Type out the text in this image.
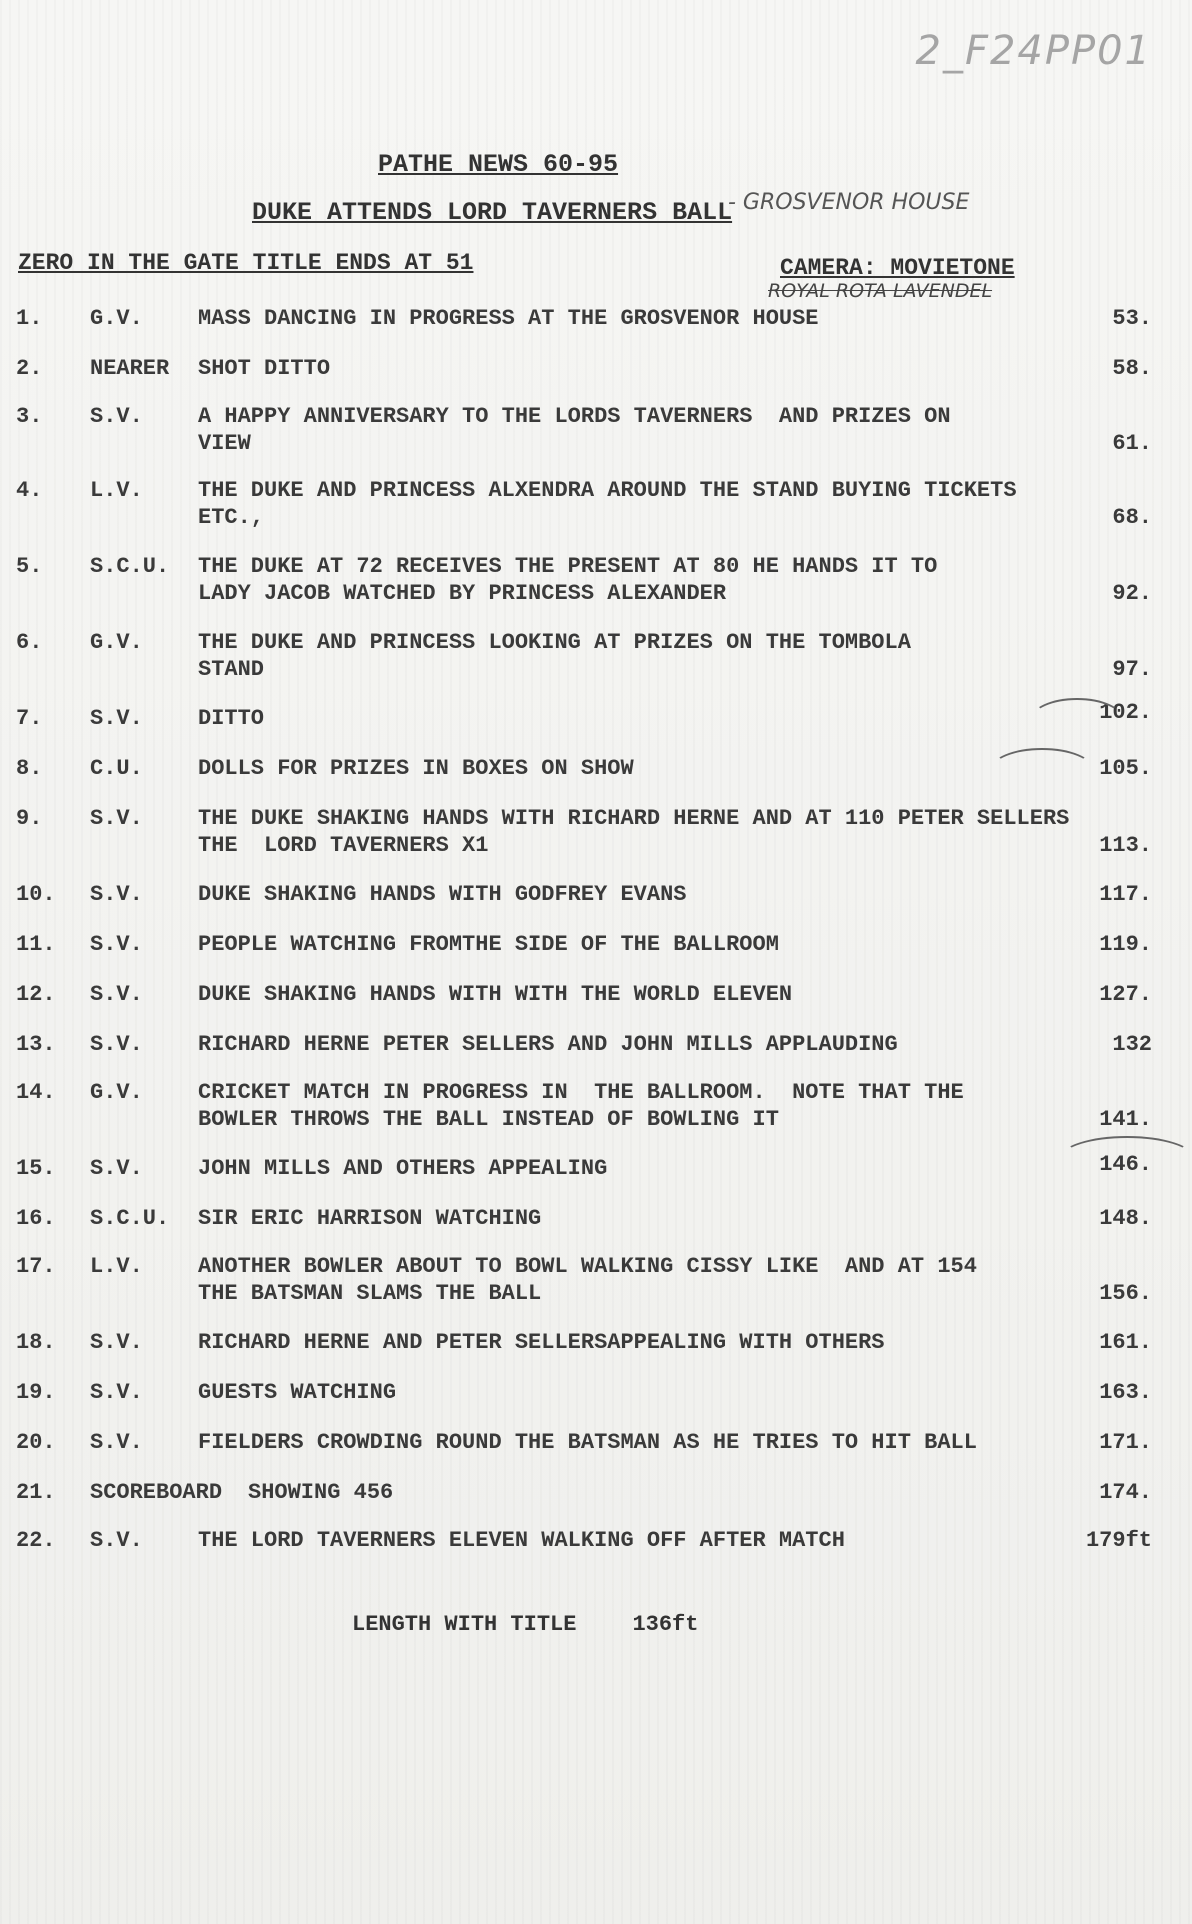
2_F24PP01
PATHE NEWS 60-95
DUKE ATTENDS LORD TAVERNERS BALL
- GROSVENOR HOUSE
ZERO IN THE GATE TITLE ENDS AT 51	CAMERA: MOVIETONE
ROYAL ROTA LAVENDEL
1.	G.V.	MASS DANCING IN PROGRESS AT THE GROSVENOR HOUSE	53.
2.	NEARER	SHOT DITTO	58.
3.	S.V.	A HAPPY ANNIVERSARY TO THE LORDS TAVERNERS  AND PRIZES ON
VIEW	61.
4.	L.V.	THE DUKE AND PRINCESS ALXENDRA AROUND THE STAND BUYING TICKETS
ETC.,	68.
5.	S.C.U.	THE DUKE AT 72 RECEIVES THE PRESENT AT 80 HE HANDS IT TO
LADY JACOB WATCHED BY PRINCESS ALEXANDER	92.
6.	G.V.	THE DUKE AND PRINCESS LOOKING AT PRIZES ON THE TOMBOLA
STAND	97.
7.	S.V.	DITTO	102.
8.	C.U.	DOLLS FOR PRIZES IN BOXES ON SHOW	105.
9.	S.V.	THE DUKE SHAKING HANDS WITH RICHARD HERNE AND AT 110 PETER SELLERS
THE  LORD TAVERNERS X1	113.
10.	S.V.	DUKE SHAKING HANDS WITH GODFREY EVANS	117.
11.	S.V.	PEOPLE WATCHING FROMTHE SIDE OF THE BALLROOM	119.
12.	S.V.	DUKE SHAKING HANDS WITH WITH THE WORLD ELEVEN	127.
13.	S.V.	RICHARD HERNE PETER SELLERS AND JOHN MILLS APPLAUDING	132
14.	G.V.	CRICKET MATCH IN PROGRESS IN  THE BALLROOM.  NOTE THAT THE
BOWLER THROWS THE BALL INSTEAD OF BOWLING IT	141.
15.	S.V.	JOHN MILLS AND OTHERS APPEALING	146.
16.	S.C.U.	SIR ERIC HARRISON WATCHING	148.
17.	L.V.	ANOTHER BOWLER ABOUT TO BOWL WALKING CISSY LIKE  AND AT 154
THE BATSMAN SLAMS THE BALL	156.
18.	S.V.	RICHARD HERNE AND PETER SELLERSAPPEALING WITH OTHERS	161.
19.	S.V.	GUESTS WATCHING	163.
20.	S.V.	FIELDERS CROWDING ROUND THE BATSMAN AS HE TRIES TO HIT BALL	171.
21.	SCOREBOARD	SHOWING 456	174.
22.	S.V.	THE LORD TAVERNERS ELEVEN WALKING OFF AFTER MATCH	179ft
LENGTH WITH TITLE	136ft
